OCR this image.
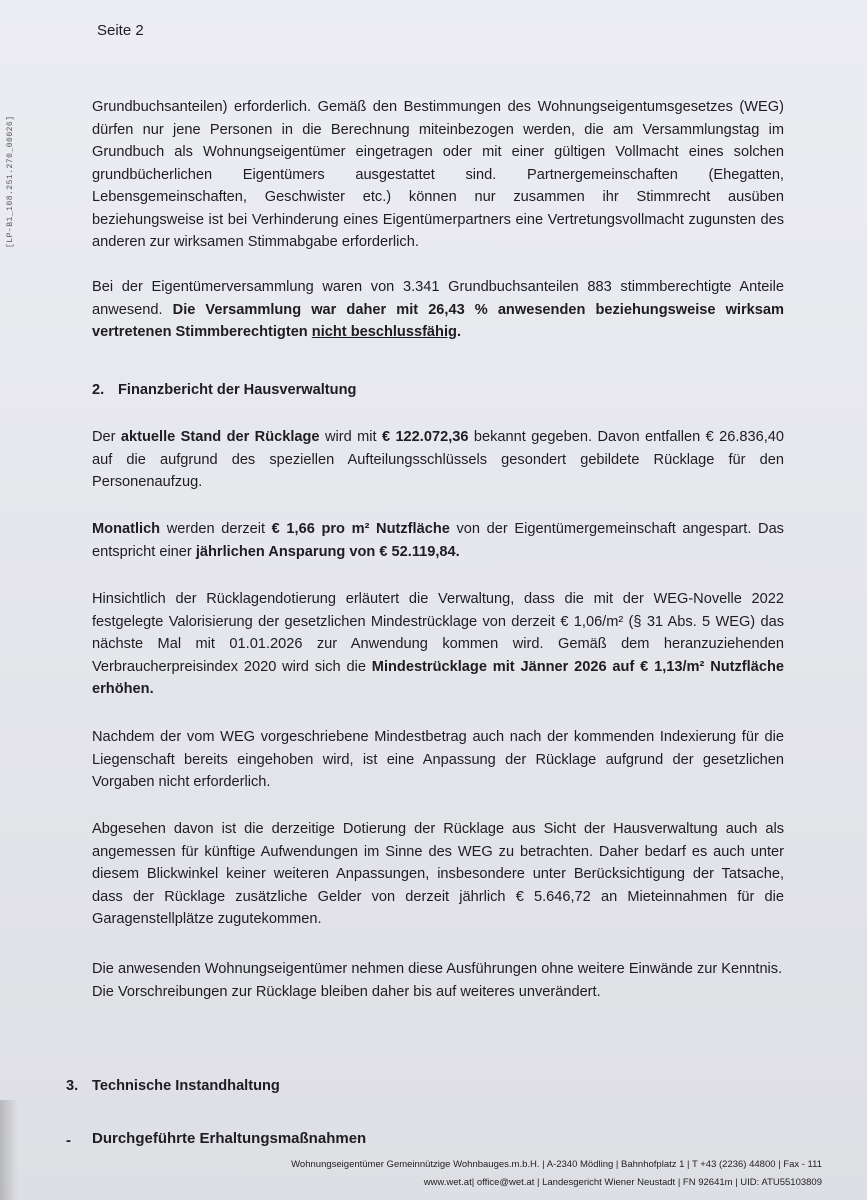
Seite 2
[LP-B1_108.251.270_00026]

Grundbuchsanteilen) erforderlich. Gemäß den Bestimmungen des Wohnungseigentumsgesetzes (WEG) dürfen nur jene Personen in die Berechnung miteinbezogen werden, die am Versammlungstag im Grundbuch als Wohnungseigentümer eingetragen oder mit einer gültigen Vollmacht eines solchen grundbücherlichen Eigentümers ausgestattet sind. Partnergemeinschaften (Ehegatten, Lebensgemeinschaften, Geschwister etc.) können nur zusammen ihr Stimmrecht ausüben beziehungsweise ist bei Verhinderung eines Eigentümerpartners eine Vertretungsvollmacht zugunsten des anderen zur wirksamen Stimmabgabe erforderlich.

Bei der Eigentümerversammlung waren von 3.341 Grundbuchsanteilen 883 stimmberechtigte Anteile anwesend. Die Versammlung war daher mit 26,43 % anwesenden beziehungsweise wirksam vertretenen Stimmberechtigten nicht beschlussfähig.

2. Finanzbericht der Hausverwaltung

Der aktuelle Stand der Rücklage wird mit € 122.072,36 bekannt gegeben. Davon entfallen € 26.836,40 auf die aufgrund des speziellen Aufteilungsschlüssels gesondert gebildete Rücklage für den Personenaufzug.

Monatlich werden derzeit € 1,66 pro m² Nutzfläche von der Eigentümergemeinschaft angespart. Das entspricht einer jährlichen Ansparung von € 52.119,84.

Hinsichtlich der Rücklagendotierung erläutert die Verwaltung, dass die mit der WEG-Novelle 2022 festgelegte Valorisierung der gesetzlichen Mindestrücklage von derzeit € 1,06/m² (§ 31 Abs. 5 WEG) das nächste Mal mit 01.01.2026 zur Anwendung kommen wird. Gemäß dem heranzuziehenden Verbraucherpreisindex 2020 wird sich die Mindestrücklage mit Jänner 2026 auf € 1,13/m² Nutzfläche erhöhen.

Nachdem der vom WEG vorgeschriebene Mindestbetrag auch nach der kommenden Indexierung für die Liegenschaft bereits eingehoben wird, ist eine Anpassung der Rücklage aufgrund der gesetzlichen Vorgaben nicht erforderlich.

Abgesehen davon ist die derzeitige Dotierung der Rücklage aus Sicht der Hausverwaltung auch als angemessen für künftige Aufwendungen im Sinne des WEG zu betrachten. Daher bedarf es auch unter diesem Blickwinkel keiner weiteren Anpassungen, insbesondere unter Berücksichtigung der Tatsache, dass der Rücklage zusätzliche Gelder von derzeit jährlich € 5.646,72 an Mieteinnahmen für die Garagenstellplätze zugutekommen.

Die anwesenden Wohnungseigentümer nehmen diese Ausführungen ohne weitere Einwände zur Kenntnis.

Die Vorschreibungen zur Rücklage bleiben daher bis auf weiteres unverändert.

3. Technische Instandhaltung
- Durchgeführte Erhaltungsmaßnahmen
Wohnungseigentümer Gemeinnützige Wohnbauges.m.b.H. | A-2340 Mödling | Bahnhofplatz 1 | T +43 (2236) 44800 | Fax - 111
www.wet.at| office@wet.at | Landesgericht Wiener Neustadt | FN 92641m | UID: ATU55103809
